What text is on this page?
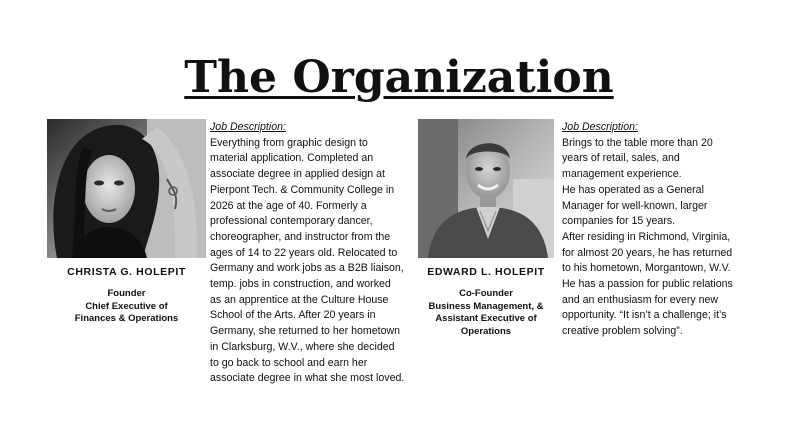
The Organization
CHRISTA G. HOLEPIT
Founder
Chief Executive of
Finances & Operations
Job Description:
Everything from graphic design to
material application. Completed an
associate degree in applied design at
Pierpont Tech. & Community College in
2026 at the age of 40. Formerly a
professional contemporary dancer,
choreographer, and instructor from the
ages of 14 to 22 years old. Relocated to
Germany and work jobs as a B2B liaison,
temp. jobs in construction, and worked
as an apprentice at the Culture House
School of the Arts. After 20 years in
Germany, she returned to her hometown
in Clarksburg, W.V., where she decided
to go back to school and earn her
associate degree in what she most loved.
EDWARD L. HOLEPIT
Co-Founder
Business Management, &
Assistant Executive of
Operations
Job Description:
Brings to the table more than 20
years of retail, sales, and
management experience.
He has operated as a General
Manager for well-known, larger
companies for 15 years.
After residing in Richmond, Virginia,
for almost 20 years, he has returned
to his hometown, Morgantown, W.V.
He has a passion for public relations
and an enthusiasm for every new
opportunity. “It isn’t a challenge; it’s
creative problem solving”.
